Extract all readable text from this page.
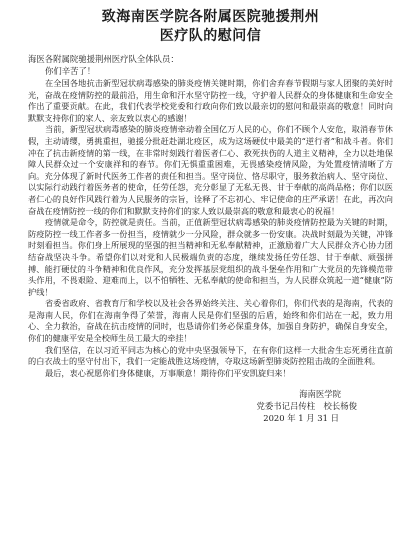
致海南医学院各附属医院驰援荆州
医疗队的慰问信

海医各附属院驰援荆州医疗队全体队员：

你们辛苦了！

在全国各地抗击新型冠状病毒感染的肺炎疫情关键时期，你们舍弃春节假期与家人团聚的美好时光，奋战在疫情防控的最前沿，用生命和汗水坚守防控一线，守护着人民群众的身体健康和生命安全作出了重要贡献。在此，我们代表学校党委和行政向你们致以最亲切的慰问和最崇高的敬意！同时向默默支持你们的家人、亲友致以衷心的感谢！

当前，新型冠状病毒感染的肺炎疫情牵动着全国亿万人民的心，你们不顾个人安危，取消春节休假，主动请缨，勇挑重担，驰援分批赶赴湖北疫区，成为这场硬仗中最美的“逆行者”和战斗者。你们冲在了抗击新疫情的第一线，在非常时刻践行着医者仁心、救死扶伤的人道主义精神，全力以赴地保障人民群众过一个安康祥和的春节。你们无惧重重困难，无畏感染疫情风险，为处置疫情清晰了方向。充分体现了新时代医务工作者的责任和担当。坚守岗位、恪尽职守，服务救治病人、坚守岗位、以实际行动践行着医务者的使命，任劳任怨，充分彰显了无私无畏、甘于奉献的高尚品格；你们以医者仁心的良好作风践行着为人民服务的宗旨，诠释了不忘初心、牢记使命的庄严承诺！在此，再次向奋战在疫情防控一线的你们和默默支持你们的家人致以最崇高的敬意和最衷心的祝福！

疫情就是命令，防控就是责任。当前，正值新型冠状病毒感染的肺炎疫情防控最为关键的时期，防疫防控一线工作者多一份担当，疫情就少一分风险，群众就多一份安康。决战时刻最为关键，冲锋时刻看担当。你们身上所展现的坚强的担当精神和无私奉献精神，正激励着广大人民群众齐心协力团结奋战坚决斗争。希望你们以对党和人民极端负责的态度，继续发扬任劳任怨、甘于奉献、顽强拼搏、能打硬仗的斗争精神和优良作风，充分发挥基层党组织的战斗堡垒作用和广大党员的先锋模范带头作用，不畏艰险、迎难而上，以不怕牺牲、无私奉献的使命和担当，为人民群众筑起一道“健康”防护线！

省委省政府、省教育厅和学校以及社会各界始终关注、关心着你们，你们代表的是海南，代表的是海南人民，你们在海南争得了荣誉，海南人民是你们坚强的后盾，始终和你们站在一起，致力用心、全力救治，奋战在抗击疫情的同时，也恳请你们务必保重身体，加强自身防护，确保自身安全，你们的健康平安是全校师生员工最大的牵挂！

我们坚信，在以习近平同志为核心的党中央坚强领导下，在有你们这样一大批舍生忘死勇往直前的白衣战士的坚守付出下，我们一定能战胜这场疫情，夺取这场新型肺炎防控阻击战的全面胜利。

最后，衷心祝愿你们身体健康，万事顺意！期待你们平安凯旋归来！

海南医学院

党委书记吕传柱　校长杨俊

2020 年 1 月 31 日
